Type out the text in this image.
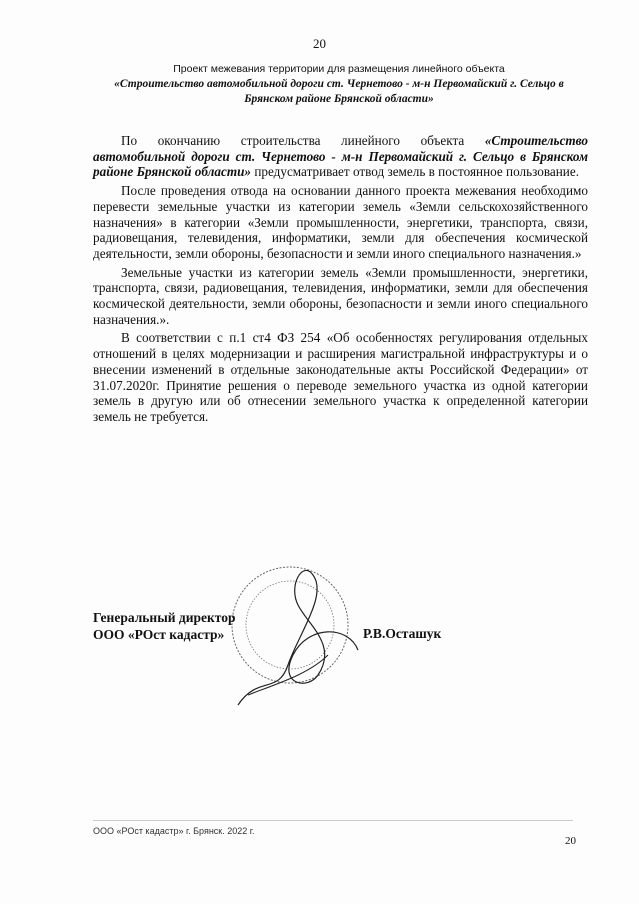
20
Проект межевания территории для размещения линейного объекта
«Строительство автомобильной дороги ст. Чернетово - м-н Первомайский г. Сельцо в
Брянском районе Брянской области»

По окончанию строительства линейного объекта «Строительство автомобильной дороги ст. Чернетово - м-н Первомайский г. Сельцо в Брянском районе Брянской области» предусматривает отвод земель в постоянное пользование.

После проведения отвода на основании данного проекта межевания необходимо перевести земельные участки из категории земель «Земли сельскохозяйственного назначения» в категории «Земли промышленности, энергетики, транспорта, связи, радиовещания, телевидения, информатики, земли для обеспечения космической деятельности, земли обороны, безопасности и земли иного специального назначения.»

Земельные участки из категории земель «Земли промышленности, энергетики, транспорта, связи, радиовещания, телевидения, информатики, земли для обеспечения космической деятельности, земли обороны, безопасности и земли иного специального назначения.».

В соответствии с п.1 ст4 ФЗ 254 «Об особенностях регулирования отдельных отношений в целях модернизации и расширения магистральной инфраструктуры и о внесении изменений в отдельные законодательные акты Российской Федерации» от 31.07.2020г. Принятие решения о переводе земельного участка из одной категории земель в другую или об отнесении земельного участка к определенной категории земель не требуется.

Генеральный директор
ООО «РОст кадастр»	Р.В.Осташук
ООО «РОст кадастр» г. Брянск. 2022 г.
20
